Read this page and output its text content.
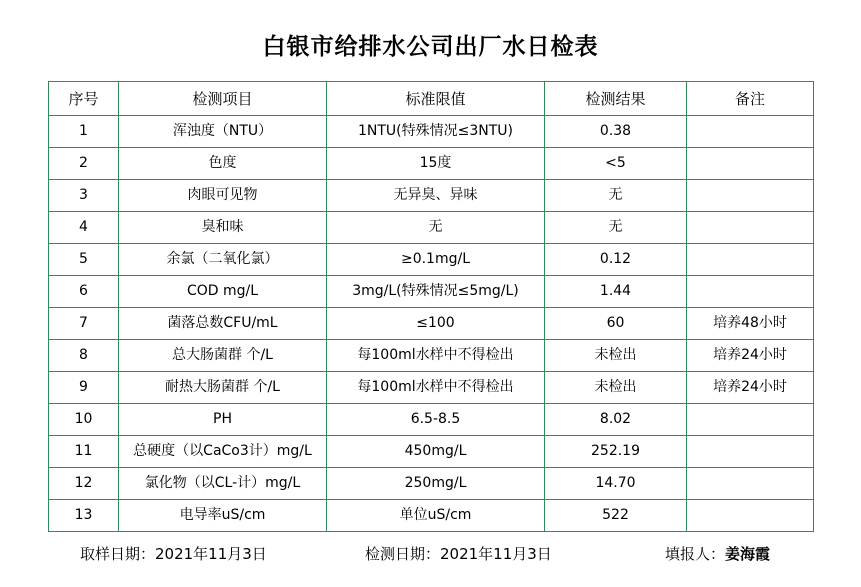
白银市给排水公司出厂水日检表
序号	检测项目	标准限值	检测结果	备注
1	浑浊度（NTU）	1NTU(特殊情况≤3NTU)	0.38	
2	色度	15度	<5	
3	肉眼可见物	无异臭、异味	无	
4	臭和味	无	无	
5	余氯（二氧化氯）	≥0.1mg/L	0.12	
6	COD mg/L	3mg/L(特殊情况≤5mg/L)	1.44	
7	菌落总数CFU/mL	≤100	60	培养48小时
8	总大肠菌群 个/L	每100ml水样中不得检出	未检出	培养24小时
9	耐热大肠菌群 个/L	每100ml水样中不得检出	未检出	培养24小时
10	PH	6.5-8.5	8.02	
11	总硬度（以CaCo3计）mg/L	450mg/L	252.19	
12	氯化物（以CL-计）mg/L	250mg/L	14.70	
13	电导率uS/cm	单位uS/cm	522	
取样日期：2021年11月3日	检测日期：2021年11月3日	填报人：姜海霞
